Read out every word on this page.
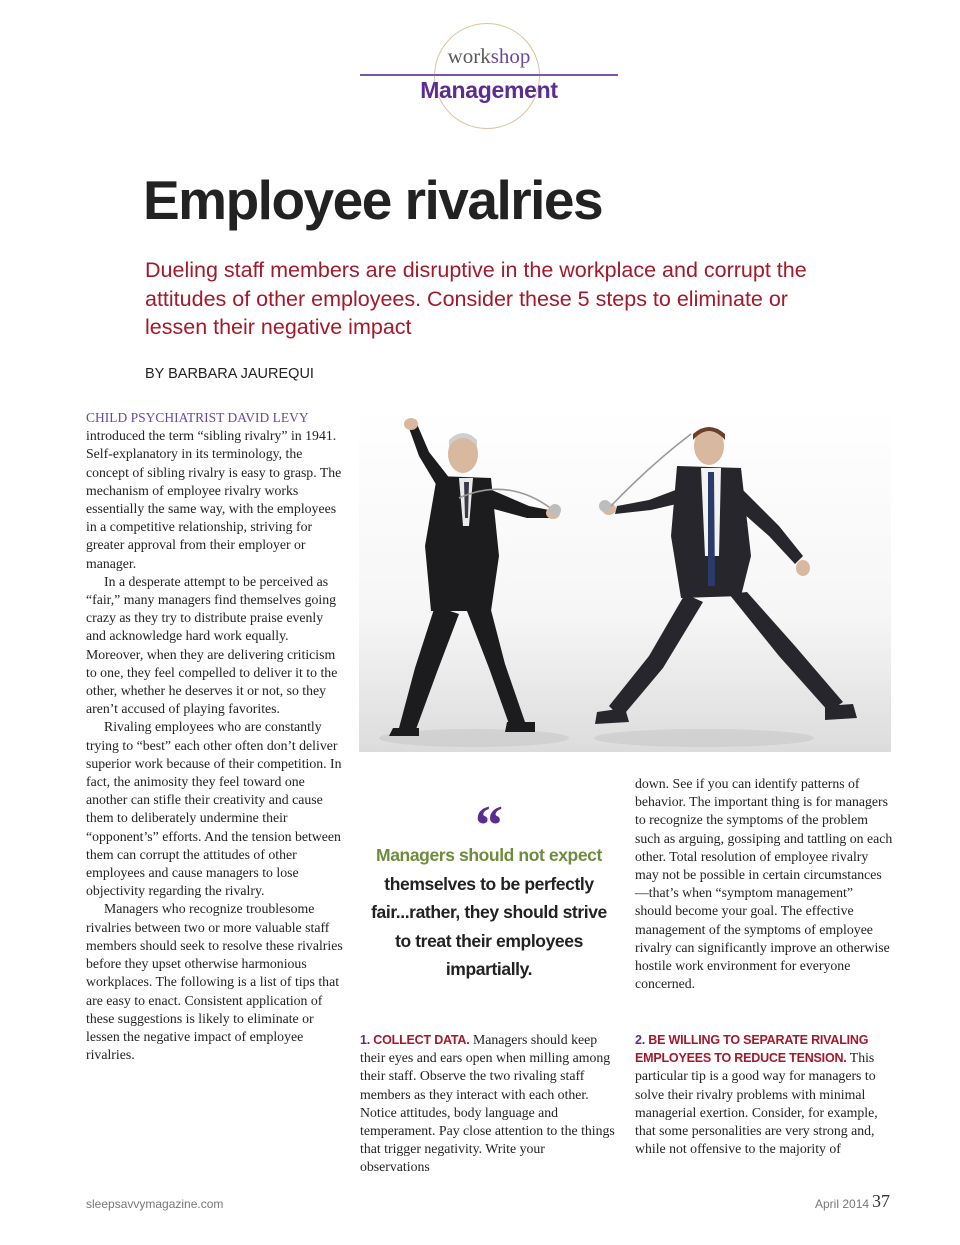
workshop
Management
Employee rivalries
Dueling staff members are disruptive in the workplace and corrupt the attitudes of other employees. Consider these 5 steps to eliminate or lessen their negative impact
BY BARBARA JAUREQUI

CHILD PSYCHIATRIST DAVID LEVY introduced the term “sibling rivalry” in 1941. Self-explanatory in its terminology, the concept of sibling rivalry is easy to grasp. The mechanism of employee rivalry works essentially the same way, with the employees in a competitive relationship, striving for greater approval from their employer or manager.

In a desperate attempt to be perceived as “fair,” many managers find themselves going crazy as they try to distribute praise evenly and acknowledge hard work equally. Moreover, when they are delivering criticism to one, they feel compelled to deliver it to the other, whether he deserves it or not, so they aren’t accused of playing favorites.

Rivaling employees who are constantly trying to “best” each other often don’t deliver superior work because of their competition. In fact, the animosity they feel toward one another can stifle their creativity and cause them to deliberately undermine their “opponent’s” efforts. And the tension between them can corrupt the attitudes of other employees and cause managers to lose objectivity regarding the rivalry.

Managers who recognize troublesome rivalries between two or more valuable staff members should seek to resolve these rivalries before they upset otherwise harmonious workplaces. The following is a list of tips that are easy to enact. Consistent application of these suggestions is likely to eliminate or lessen the negative impact of employee rivalries.

“
Managers should not expect themselves to be perfectly fair...rather, they should strive to treat their employees impartially.
1. COLLECT DATA. Managers should keep their eyes and ears open when milling among their staff. Observe the two rivaling staff members as they interact with each other. Notice attitudes, body language and temperament. Pay close attention to the things that trigger negativity. Write your observations
down. See if you can identify patterns of behavior. The important thing is for managers to recognize the symptoms of the problem such as arguing, gossiping and tattling on each other. Total resolution of employee rivalry may not be possible in certain circumstances—that’s when “symptom management” should become your goal. The effective management of the symptoms of employee rivalry can significantly improve an otherwise hostile work environment for everyone concerned.
2. BE WILLING TO SEPARATE RIVALING EMPLOYEES TO REDUCE TENSION. This particular tip is a good way for managers to solve their rivalry problems with minimal managerial exertion. Consider, for example, that some personalities are very strong and, while not offensive to the majority of
sleepsavvymagazine.com	April 2014 37
